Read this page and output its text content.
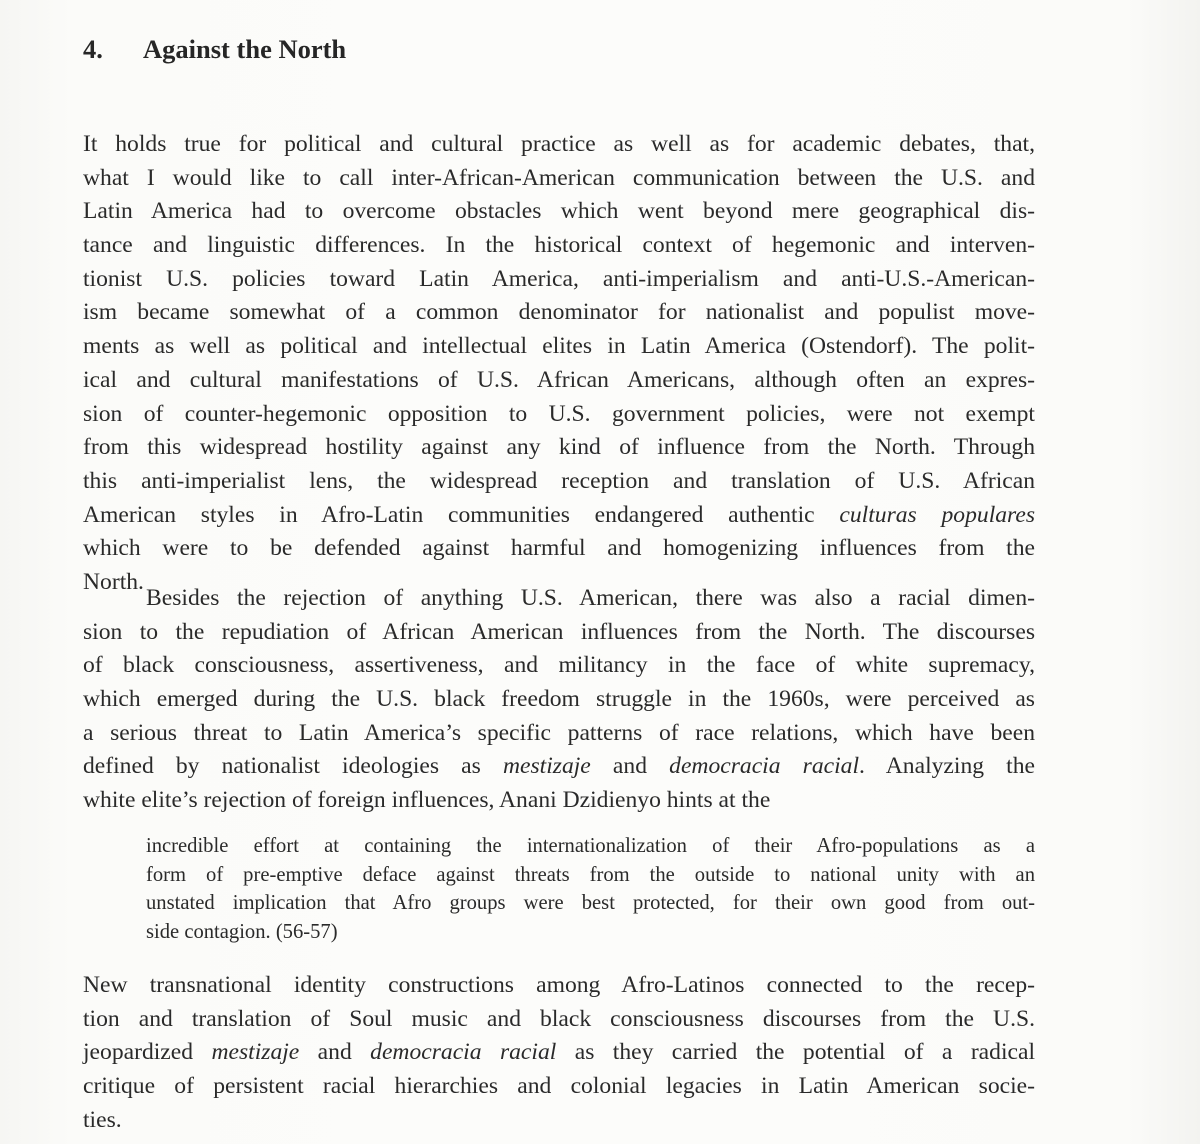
4. Against the North
It holds true for political and cultural practice as well as for academic debates, that,
what I would like to call inter-African-American communication between the U.S. and
Latin America had to overcome obstacles which went beyond mere geographical dis-
tance and linguistic differences. In the historical context of hegemonic and interven-
tionist U.S. policies toward Latin America, anti-imperialism and anti-U.S.-American-
ism became somewhat of a common denominator for nationalist and populist move-
ments as well as political and intellectual elites in Latin America (Ostendorf). The polit-
ical and cultural manifestations of U.S. African Americans, although often an expres-
sion of counter-hegemonic opposition to U.S. government policies, were not exempt
from this widespread hostility against any kind of influence from the North. Through
this anti-imperialist lens, the widespread reception and translation of U.S. African
American styles in Afro-Latin communities endangered authentic culturas populares
which were to be defended against harmful and homogenizing influences from the
North.
Besides the rejection of anything U.S. American, there was also a racial dimen-
sion to the repudiation of African American influences from the North. The discourses
of black consciousness, assertiveness, and militancy in the face of white supremacy,
which emerged during the U.S. black freedom struggle in the 1960s, were perceived as
a serious threat to Latin America’s specific patterns of race relations, which have been
defined by nationalist ideologies as mestizaje and democracia racial. Analyzing the
white elite’s rejection of foreign influences, Anani Dzidienyo hints at the
incredible effort at containing the internationalization of their Afro-populations as a
form of pre-emptive deface against threats from the outside to national unity with an
unstated implication that Afro groups were best protected, for their own good from out-
side contagion. (56-57)
New transnational identity constructions among Afro-Latinos connected to the recep-
tion and translation of Soul music and black consciousness discourses from the U.S.
jeopardized mestizaje and democracia racial as they carried the potential of a radical
critique of persistent racial hierarchies and colonial legacies in Latin American socie-
ties.
